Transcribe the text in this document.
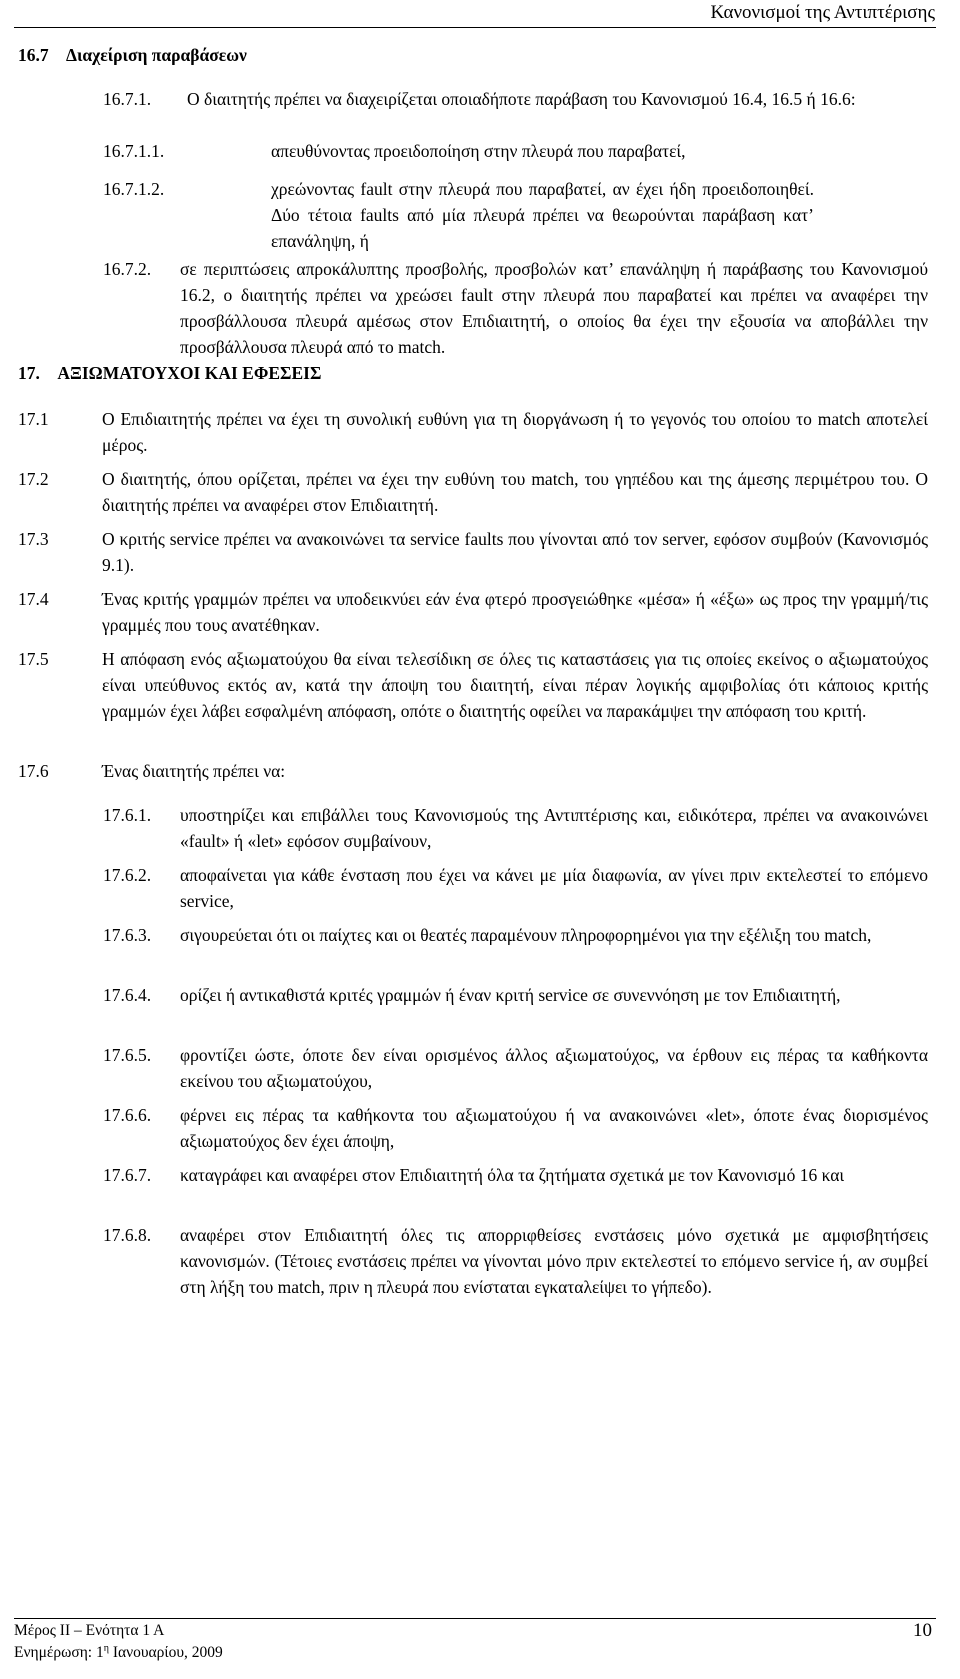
Κανονισμοί της Αντιπτέρισης
16.7 Διαχείριση παραβάσεων
16.7.1. Ο διαιτητής πρέπει να διαχειρίζεται οποιαδήποτε παράβαση του Κανονισμού 16.4, 16.5 ή 16.6:
16.7.1.1.	απευθύνοντας προειδοποίηση στην πλευρά που παραβατεί,
16.7.1.2.	χρεώνοντας fault στην πλευρά που παραβατεί, αν έχει ήδη προειδοποιηθεί. Δύο τέτοια faults από μία πλευρά πρέπει να θεωρούνται παράβαση κατ’ επανάληψη, ή
16.7.2. σε περιπτώσεις απροκάλυπτης προσβολής, προσβολών κατ’ επανάληψη ή παράβασης του Κανονισμού 16.2, ο διαιτητής πρέπει να χρεώσει fault στην πλευρά που παραβατεί και πρέπει να αναφέρει την προσβάλλουσα πλευρά αμέσως στον Επιδιαιτητή, ο οποίος θα έχει την εξουσία να αποβάλλει την προσβάλλουσα πλευρά από το match.
17. ΑΞΙΩΜΑΤΟΥΧΟΙ ΚΑΙ ΕΦΕΣΕΙΣ
17.1	Ο Επιδιαιτητής πρέπει να έχει τη συνολική ευθύνη για τη διοργάνωση ή το γεγονός του οποίου το match αποτελεί μέρος.
17.2	Ο διαιτητής, όπου ορίζεται, πρέπει να έχει την ευθύνη του match, του γηπέδου και της άμεσης περιμέτρου του. Ο διαιτητής πρέπει να αναφέρει στον Επιδιαιτητή.
17.3	Ο κριτής service πρέπει να ανακοινώνει τα service faults που γίνονται από τον server, εφόσον συμβούν (Κανονισμός 9.1).
17.4	Ένας κριτής γραμμών πρέπει να υποδεικνύει εάν ένα φτερό προσγειώθηκε «μέσα» ή «έξω» ως προς την γραμμή/τις γραμμές που τους ανατέθηκαν.
17.5	Η απόφαση ενός αξιωματούχου θα είναι τελεσίδικη σε όλες τις καταστάσεις για τις οποίες εκείνος ο αξιωματούχος είναι υπεύθυνος εκτός αν, κατά την άποψη του διαιτητή, είναι πέραν λογικής αμφιβολίας ότι κάποιος κριτής γραμμών έχει λάβει εσφαλμένη απόφαση, οπότε ο διαιτητής οφείλει να παρακάμψει την απόφαση του κριτή.
17.6	Ένας διαιτητής πρέπει να:
17.6.1. υποστηρίζει και επιβάλλει τους Κανονισμούς της Αντιπτέρισης και, ειδικότερα, πρέπει να ανακοινώνει «fault» ή «let» εφόσον συμβαίνουν,
17.6.2. αποφαίνεται για κάθε ένσταση που έχει να κάνει με μία διαφωνία, αν γίνει πριν εκτελεστεί το επόμενο service,
17.6.3. σιγουρεύεται ότι οι παίχτες και οι θεατές παραμένουν πληροφορημένοι για την εξέλιξη του match,
17.6.4. ορίζει ή αντικαθιστά κριτές γραμμών ή έναν κριτή service σε συνεννόηση με τον Επιδιαιτητή,
17.6.5. φροντίζει ώστε, όποτε δεν είναι ορισμένος άλλος αξιωματούχος, να έρθουν εις πέρας τα καθήκοντα εκείνου του αξιωματούχου,
17.6.6. φέρνει εις πέρας τα καθήκοντα του αξιωματούχου ή να ανακοινώνει «let», όποτε ένας διορισμένος αξιωματούχος δεν έχει άποψη,
17.6.7. καταγράφει και αναφέρει στον Επιδιαιτητή όλα τα ζητήματα σχετικά με τον Κανονισμό 16 και
17.6.8. αναφέρει στον Επιδιαιτητή όλες τις απορριφθείσες ενστάσεις μόνο σχετικά με αμφισβητήσεις κανονισμών. (Τέτοιες ενστάσεις πρέπει να γίνονται μόνο πριν εκτελεστεί το επόμενο service ή, αν συμβεί στη λήξη του match, πριν η πλευρά που ενίσταται εγκαταλείψει το γήπεδο).
Μέρος ΙΙ – Ενότητα 1 Α
Ενημέρωση: $1^\eta$ Ιανουαρίου, 2009
10
